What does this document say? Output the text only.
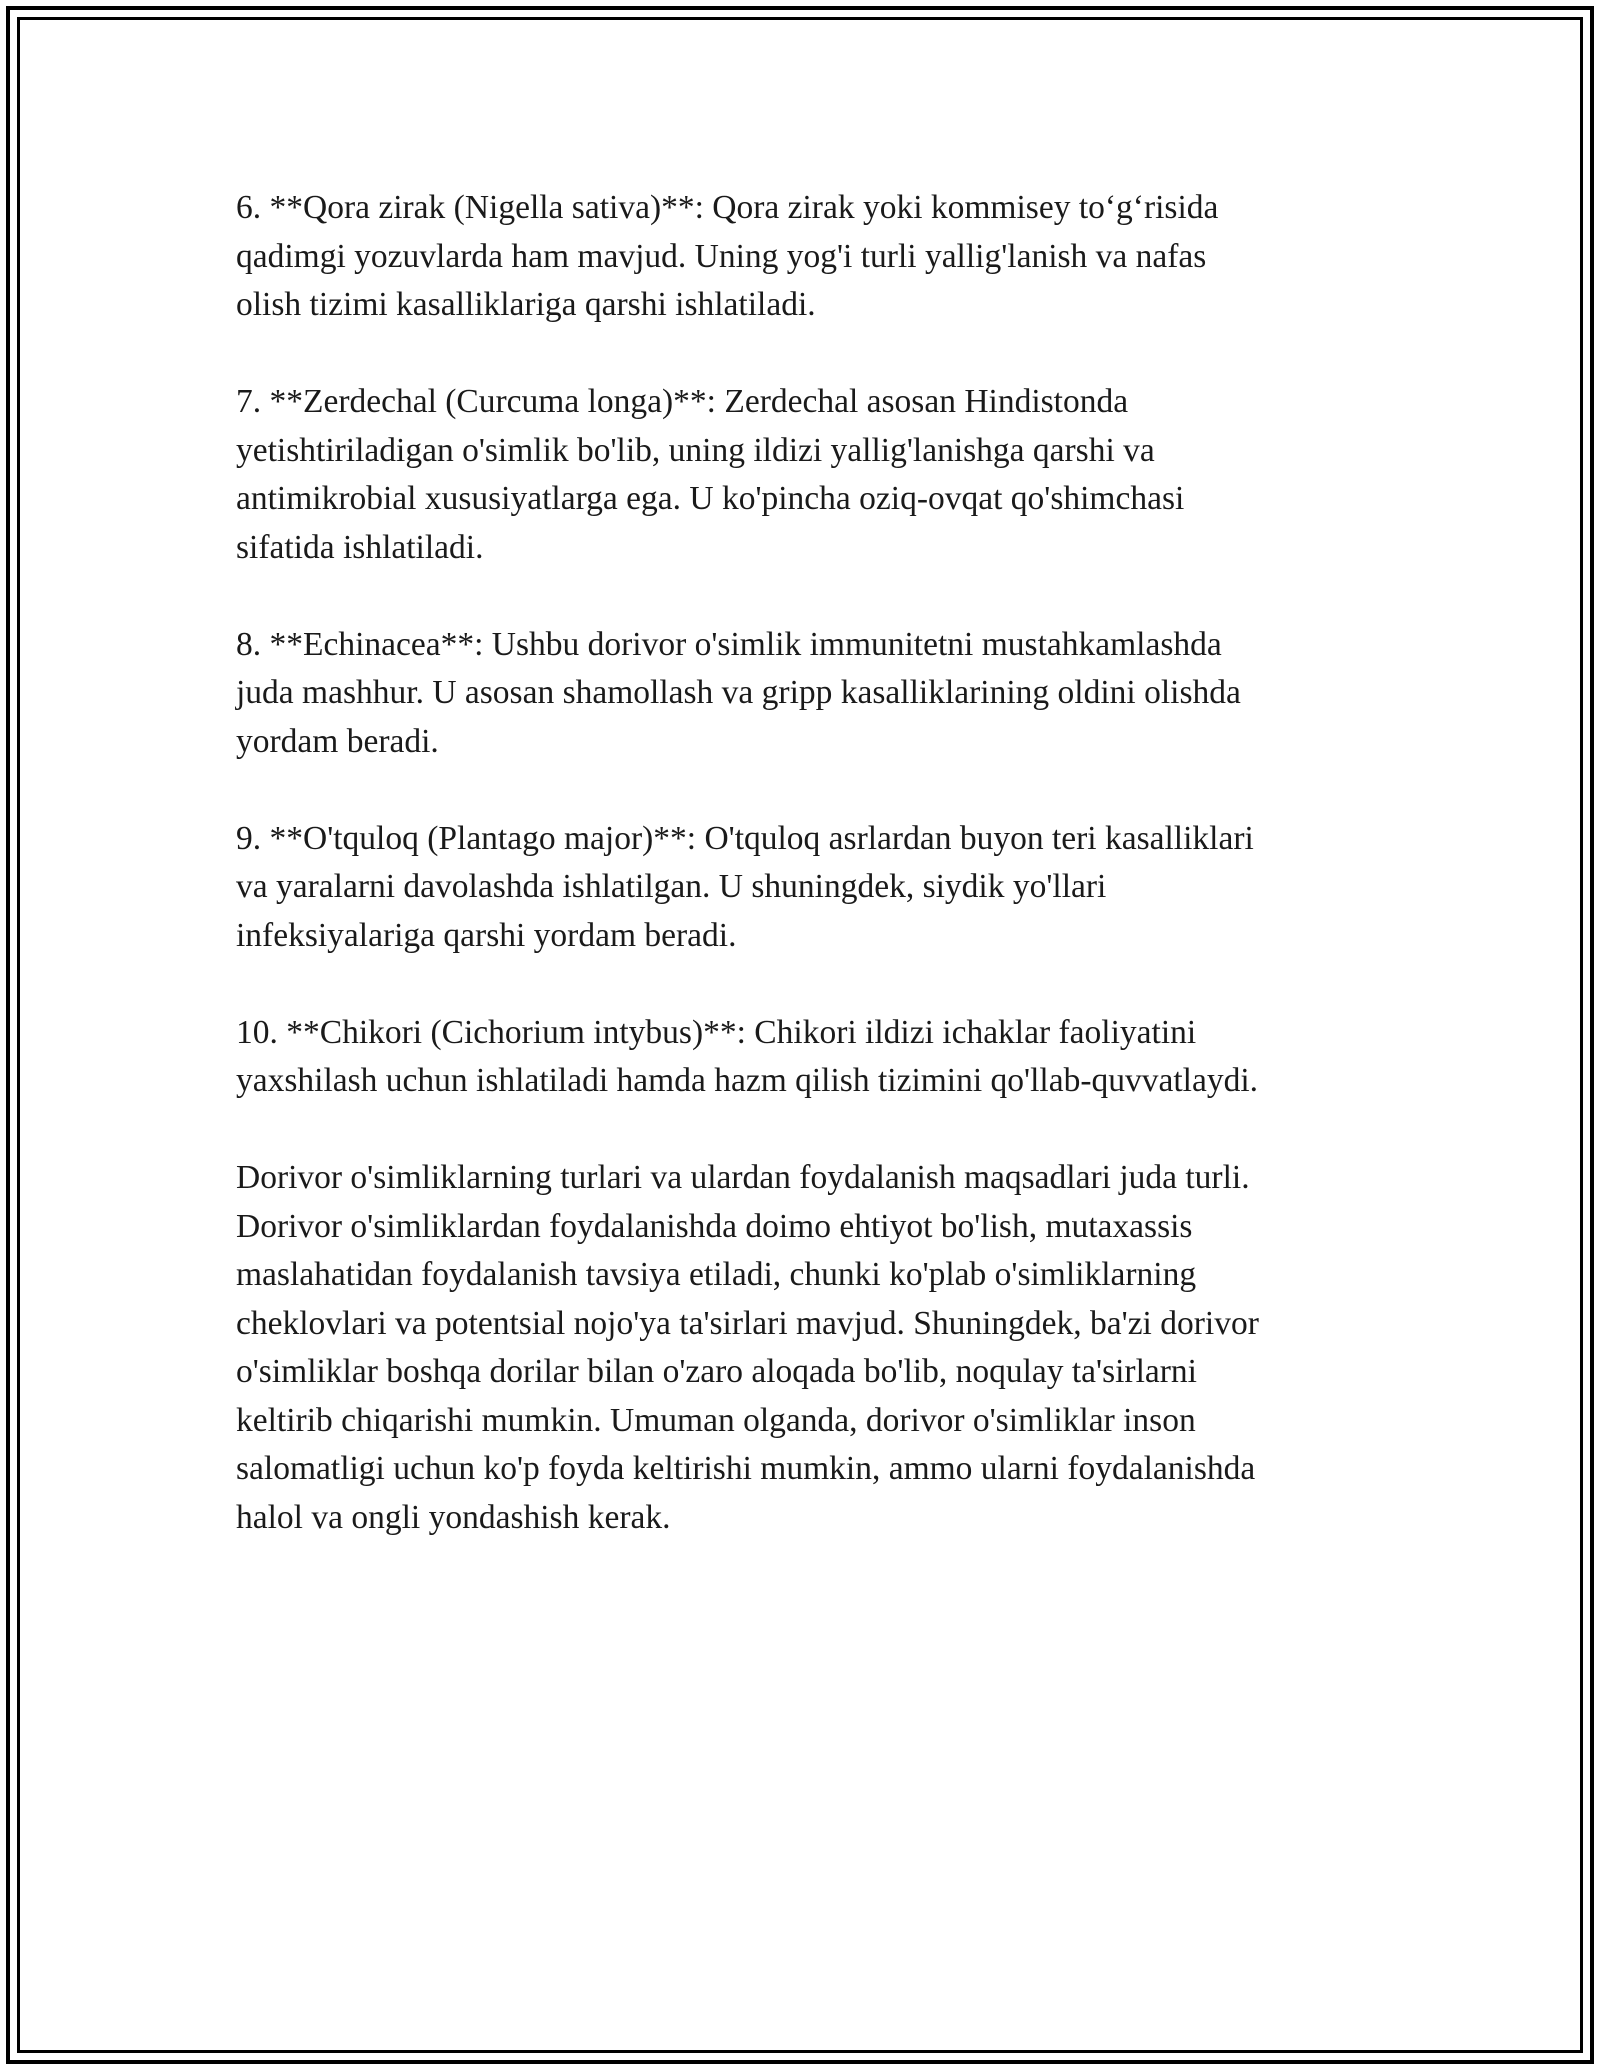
6. **Qora zirak (Nigella sativa)**: Qora zirak yoki kommisey to‘g‘risida
qadimgi yozuvlarda ham mavjud. Uning yog'i turli yallig'lanish va nafas
olish tizimi kasalliklariga qarshi ishlatiladi.

7. **Zerdechal (Curcuma longa)**: Zerdechal asosan Hindistonda
yetishtiriladigan o'simlik bo'lib, uning ildizi yallig'lanishga qarshi va
antimikrobial xususiyatlarga ega. U ko'pincha oziq-ovqat qo'shimchasi
sifatida ishlatiladi.

8. **Echinacea**: Ushbu dorivor o'simlik immunitetni mustahkamlashda
juda mashhur. U asosan shamollash va gripp kasalliklarining oldini olishda
yordam beradi.

9. **O'tquloq (Plantago major)**: O'tquloq asrlardan buyon teri kasalliklari
va yaralarni davolashda ishlatilgan. U shuningdek, siydik yo'llari
infeksiyalariga qarshi yordam beradi.

10. **Chikori (Cichorium intybus)**: Chikori ildizi ichaklar faoliyatini
yaxshilash uchun ishlatiladi hamda hazm qilish tizimini qo'llab-quvvatlaydi.

Dorivor o'simliklarning turlari va ulardan foydalanish maqsadlari juda turli.
Dorivor o'simliklardan foydalanishda doimo ehtiyot bo'lish, mutaxassis
maslahatidan foydalanish tavsiya etiladi, chunki ko'plab o'simliklarning
cheklovlari va potentsial nojo'ya ta'sirlari mavjud. Shuningdek, ba'zi dorivor
o'simliklar boshqa dorilar bilan o'zaro aloqada bo'lib, noqulay ta'sirlarni
keltirib chiqarishi mumkin. Umuman olganda, dorivor o'simliklar inson
salomatligi uchun ko'p foyda keltirishi mumkin, ammo ularni foydalanishda
halol va ongli yondashish kerak.
